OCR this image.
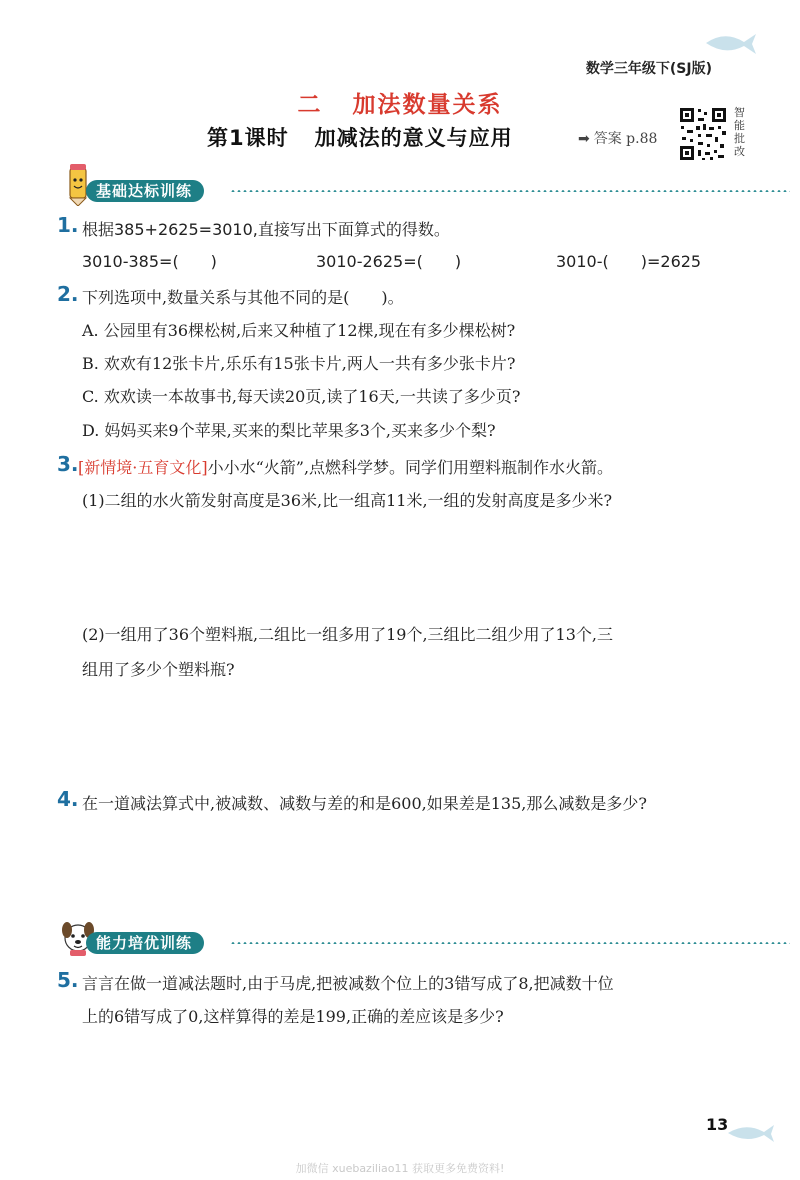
数学三年级下(SJ版)
二 加法数量关系
第1课时 加减法的意义与应用	➡ 答案 p.88
智能批改
基础达标训练
1. 根据385+2625=3010,直接写出下面算式的得数。
3010-385=(　　)	3010-2625=(　　)	3010-(　　)=2625
2. 下列选项中,数量关系与其他不同的是(　　)。
A. 公园里有36棵松树,后来又种植了12棵,现在有多少棵松树?
B. 欢欢有12张卡片,乐乐有15张卡片,两人一共有多少张卡片?
C. 欢欢读一本故事书,每天读20页,读了16天,一共读了多少页?
D. 妈妈买来9个苹果,买来的梨比苹果多3个,买来多少个梨?
3. [新情境·五育文化]小小水“火箭”,点燃科学梦。同学们用塑料瓶制作水火箭。
(1)二组的水火箭发射高度是36米,比一组高11米,一组的发射高度是多少米?
(2)一组用了36个塑料瓶,二组比一组多用了19个,三组比二组少用了13个,三
组用了多少个塑料瓶?
4. 在一道减法算式中,被减数、减数与差的和是600,如果差是135,那么减数是多少?
能力培优训练
5. 言言在做一道减法题时,由于马虎,把被减数个位上的3错写成了8,把减数十位
上的6错写成了0,这样算得的差是199,正确的差应该是多少?
13
加微信 xuebaziliao11 获取更多免费资料!
